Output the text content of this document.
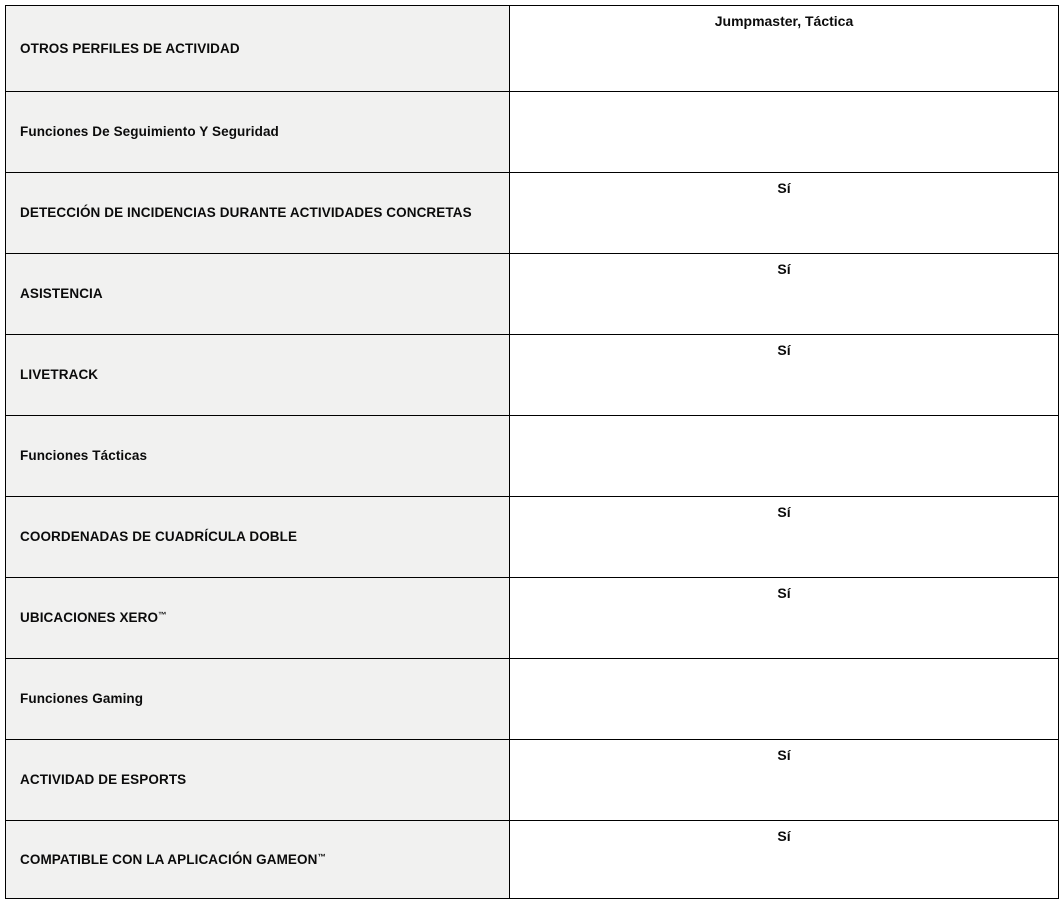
OTROS PERFILES DE ACTIVIDAD	Jumpmaster, Táctica
Funciones De Seguimiento Y Seguridad	
DETECCIÓN DE INCIDENCIAS DURANTE ACTIVIDADES CONCRETAS	Sí
ASISTENCIA	Sí
LIVETRACK	Sí
Funciones Tácticas	
COORDENADAS DE CUADRÍCULA DOBLE	Sí
UBICACIONES XERO™	Sí
Funciones Gaming	
ACTIVIDAD DE ESPORTS	Sí
COMPATIBLE CON LA APLICACIÓN GAMEON™	Sí
